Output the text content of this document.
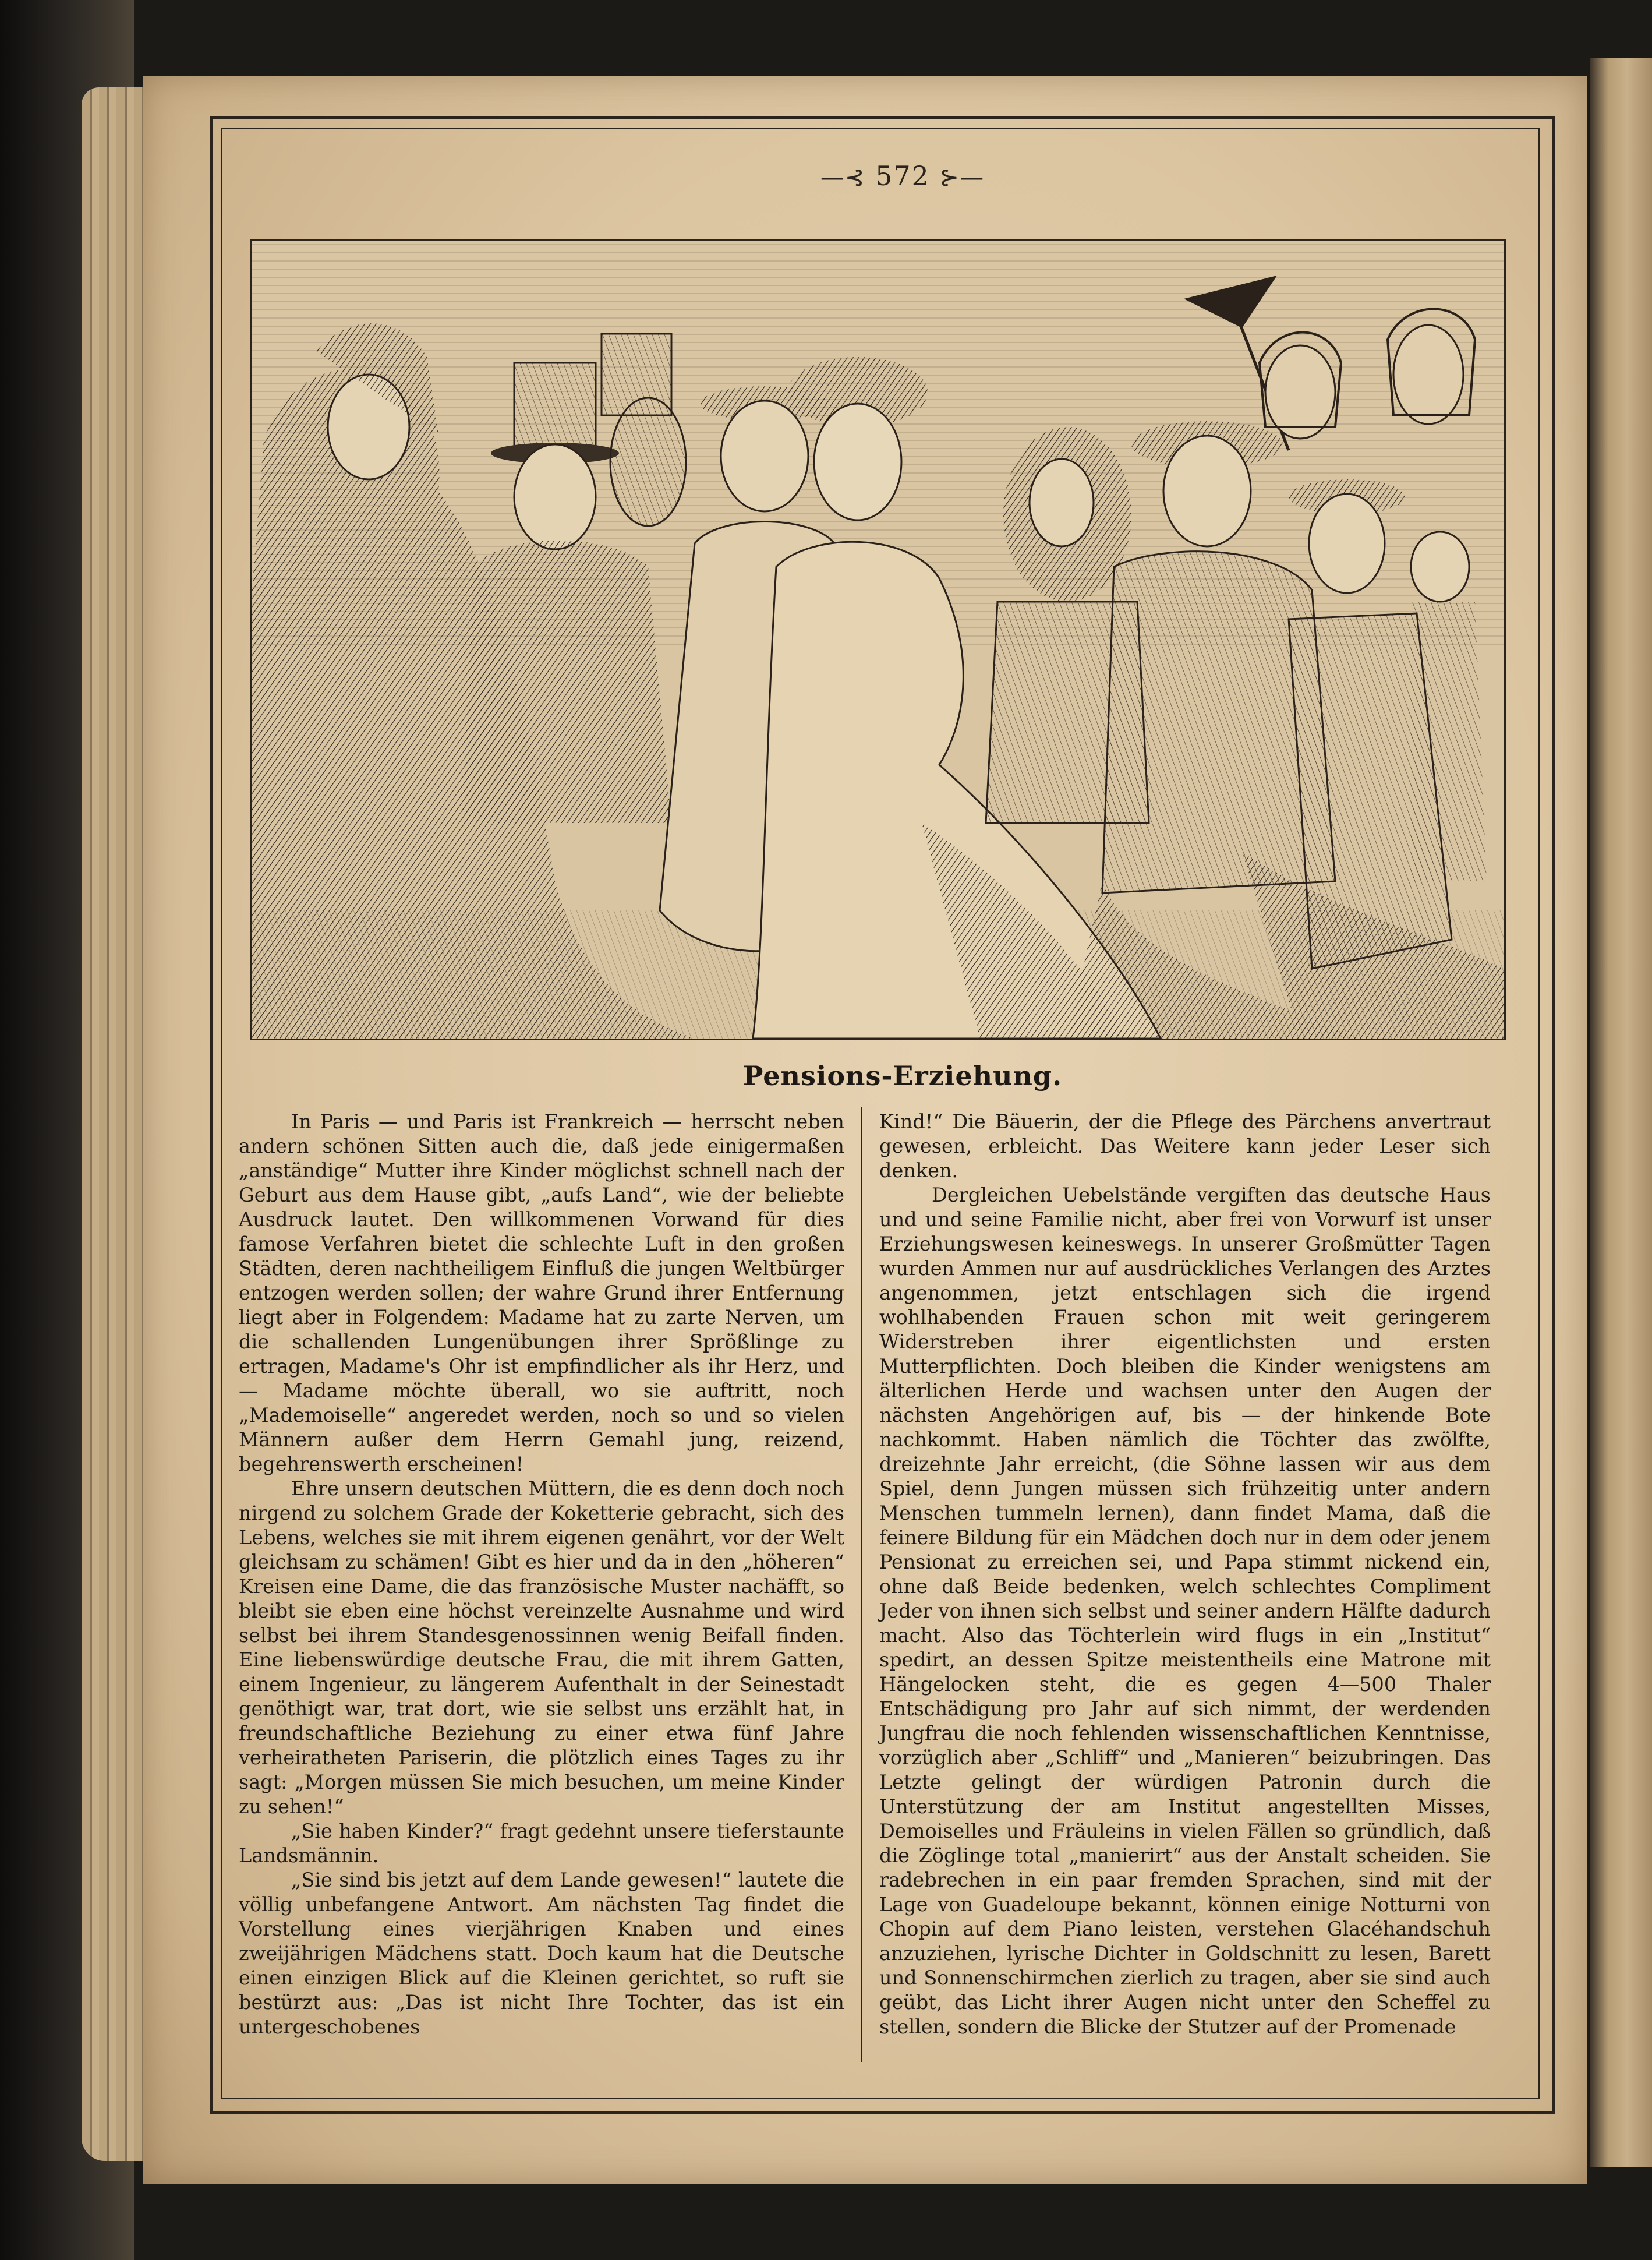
—⊰ 572 ⊱—
Pensions-Erziehung.

In Paris — und Paris ist Frankreich — herrscht neben andern schönen Sitten auch die, daß jede einigermaßen „anständige“ Mutter ihre Kinder möglichst schnell nach der Geburt aus dem Hause gibt, „aufs Land“, wie der beliebte Ausdruck lautet. Den willkommenen Vorwand für dies famose Verfahren bietet die schlechte Luft in den großen Städten, deren nachtheiligem Einfluß die jungen Weltbürger entzogen werden sollen; der wahre Grund ihrer Entfernung liegt aber in Folgendem: Madame hat zu zarte Nerven, um die schallenden Lungenübungen ihrer Sprößlinge zu ertragen, Madame's Ohr ist empfindlicher als ihr Herz, und — Madame möchte überall, wo sie auftritt, noch „Mademoiselle“ angeredet werden, noch so und so vielen Männern außer dem Herrn Gemahl jung, reizend, begehrenswerth erscheinen!

Ehre unsern deutschen Müttern, die es denn doch noch nirgend zu solchem Grade der Koketterie gebracht, sich des Lebens, welches sie mit ihrem eigenen genährt, vor der Welt gleichsam zu schämen! Gibt es hier und da in den „höheren“ Kreisen eine Dame, die das französische Muster nachäfft, so bleibt sie eben eine höchst vereinzelte Ausnahme und wird selbst bei ihrem Standesgenossinnen wenig Beifall finden. Eine liebenswürdige deutsche Frau, die mit ihrem Gatten, einem Ingenieur, zu längerem Aufenthalt in der Seinestadt genöthigt war, trat dort, wie sie selbst uns erzählt hat, in freundschaftliche Beziehung zu einer etwa fünf Jahre verheiratheten Pariserin, die plötzlich eines Tages zu ihr sagt: „Morgen müssen Sie mich besuchen, um meine Kinder zu sehen!“

„Sie haben Kinder?“ fragt gedehnt unsere tieferstaunte Landsmännin.

„Sie sind bis jetzt auf dem Lande gewesen!“ lautete die völlig unbefangene Antwort. Am nächsten Tag findet die Vorstellung eines vierjährigen Knaben und eines zweijährigen Mädchens statt. Doch kaum hat die Deutsche einen einzigen Blick auf die Kleinen gerichtet, so ruft sie bestürzt aus: „Das ist nicht Ihre Tochter, das ist ein untergeschobenes

Kind!“ Die Bäuerin, der die Pflege des Pärchens anvertraut gewesen, erbleicht. Das Weitere kann jeder Leser sich denken.

Dergleichen Uebelstände vergiften das deutsche Haus und und seine Familie nicht, aber frei von Vorwurf ist unser Erziehungswesen keineswegs. In unserer Großmütter Tagen wurden Ammen nur auf ausdrückliches Verlangen des Arztes angenommen, jetzt entschlagen sich die irgend wohlhabenden Frauen schon mit weit geringerem Widerstreben ihrer eigentlichsten und ersten Mutterpflichten. Doch bleiben die Kinder wenigstens am älterlichen Herde und wachsen unter den Augen der nächsten Angehörigen auf, bis — der hinkende Bote nachkommt. Haben nämlich die Töchter das zwölfte, dreizehnte Jahr erreicht, (die Söhne lassen wir aus dem Spiel, denn Jungen müssen sich frühzeitig unter andern Menschen tummeln lernen), dann findet Mama, daß die feinere Bildung für ein Mädchen doch nur in dem oder jenem Pensionat zu erreichen sei, und Papa stimmt nickend ein, ohne daß Beide bedenken, welch schlechtes Compliment Jeder von ihnen sich selbst und seiner andern Hälfte dadurch macht. Also das Töchterlein wird flugs in ein „Institut“ spedirt, an dessen Spitze meistentheils eine Matrone mit Hängelocken steht, die es gegen 4—500 Thaler Entschädigung pro Jahr auf sich nimmt, der werdenden Jungfrau die noch fehlenden wissenschaftlichen Kenntnisse, vorzüglich aber „Schliff“ und „Manieren“ beizubringen. Das Letzte gelingt der würdigen Patronin durch die Unterstützung der am Institut angestellten Misses, Demoiselles und Fräuleins in vielen Fällen so gründlich, daß die Zöglinge total „manierirt“ aus der Anstalt scheiden. Sie radebrechen in ein paar fremden Sprachen, sind mit der Lage von Guadeloupe bekannt, können einige Notturni von Chopin auf dem Piano leisten, verstehen Glacéhandschuh anzuziehen, lyrische Dichter in Goldschnitt zu lesen, Barett und Sonnenschirmchen zierlich zu tragen, aber sie sind auch geübt, das Licht ihrer Augen nicht unter den Scheffel zu stellen, sondern die Blicke der Stutzer auf der Promenade
